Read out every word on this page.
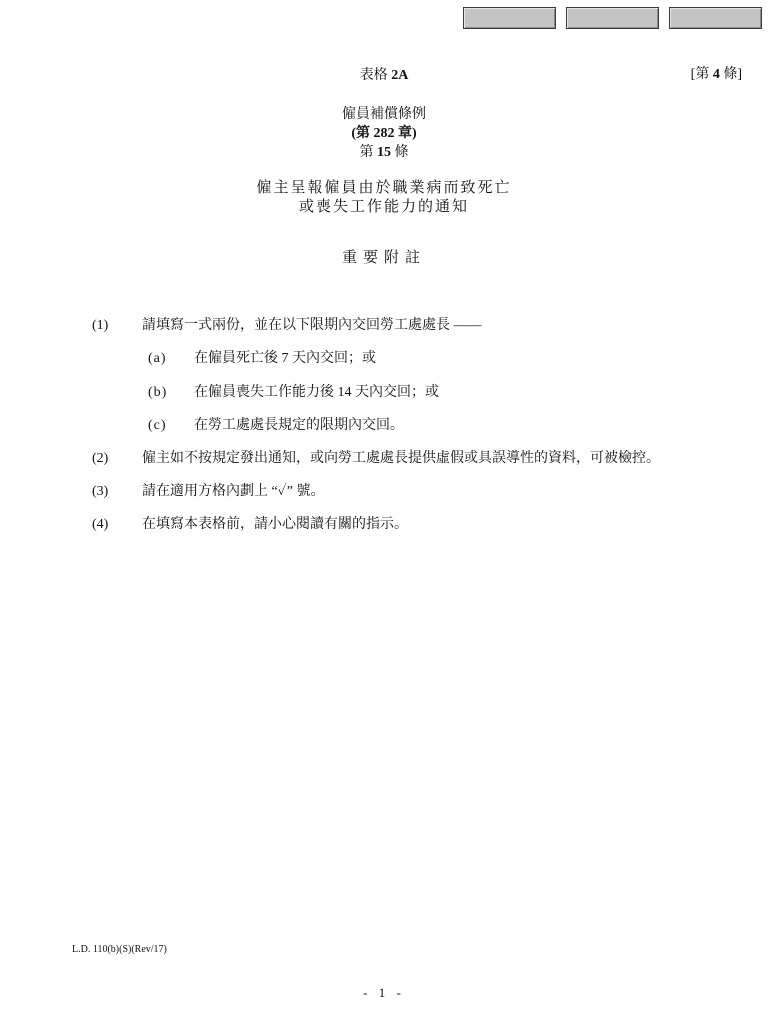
[第 4 條]
表格 2A
僱員補償條例
(第 282 章)
第 15 條
僱主呈報僱員由於職業病而致死亡
或喪失工作能力的通知
重要附註
(1) 請填寫一式兩份，並在以下限期內交回勞工處處長 ——
(a) 在僱員死亡後 7 天內交回；或
(b) 在僱員喪失工作能力後 14 天內交回；或
(c) 在勞工處處長規定的限期內交回。
(2) 僱主如不按規定發出通知，或向勞工處處長提供虛假或具誤導性的資料，可被檢控。
(3) 請在適用方格內劃上 “✓” 號。
(4) 在填寫本表格前，請小心閱讀有關的指示。
L.D. 110(b)(S)(Rev/17)
- 1 -
